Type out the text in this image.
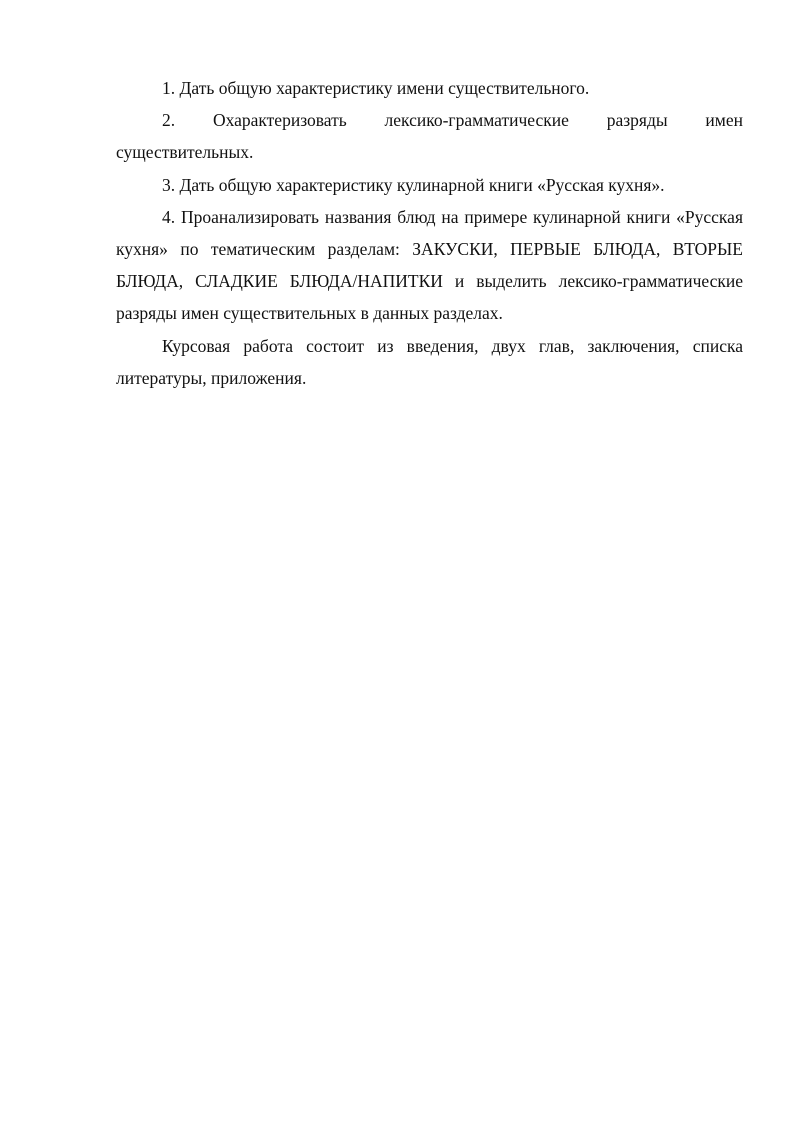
1. Дать общую характеристику имени существительного.

2. Охарактеризовать лексико-грамматические разряды имен существительных.

3. Дать общую характеристику кулинарной книги «Русская кухня».

4. Проанализировать названия блюд на примере кулинарной книги «Русская кухня» по тематическим разделам: ЗАКУСКИ, ПЕРВЫЕ БЛЮДА, ВТОРЫЕ БЛЮДА, СЛАДКИЕ БЛЮДА/НАПИТКИ и выделить лексико-грамматические разряды имен существительных в данных разделах.

Курсовая работа состоит из введения, двух глав, заключения, списка литературы, приложения.
